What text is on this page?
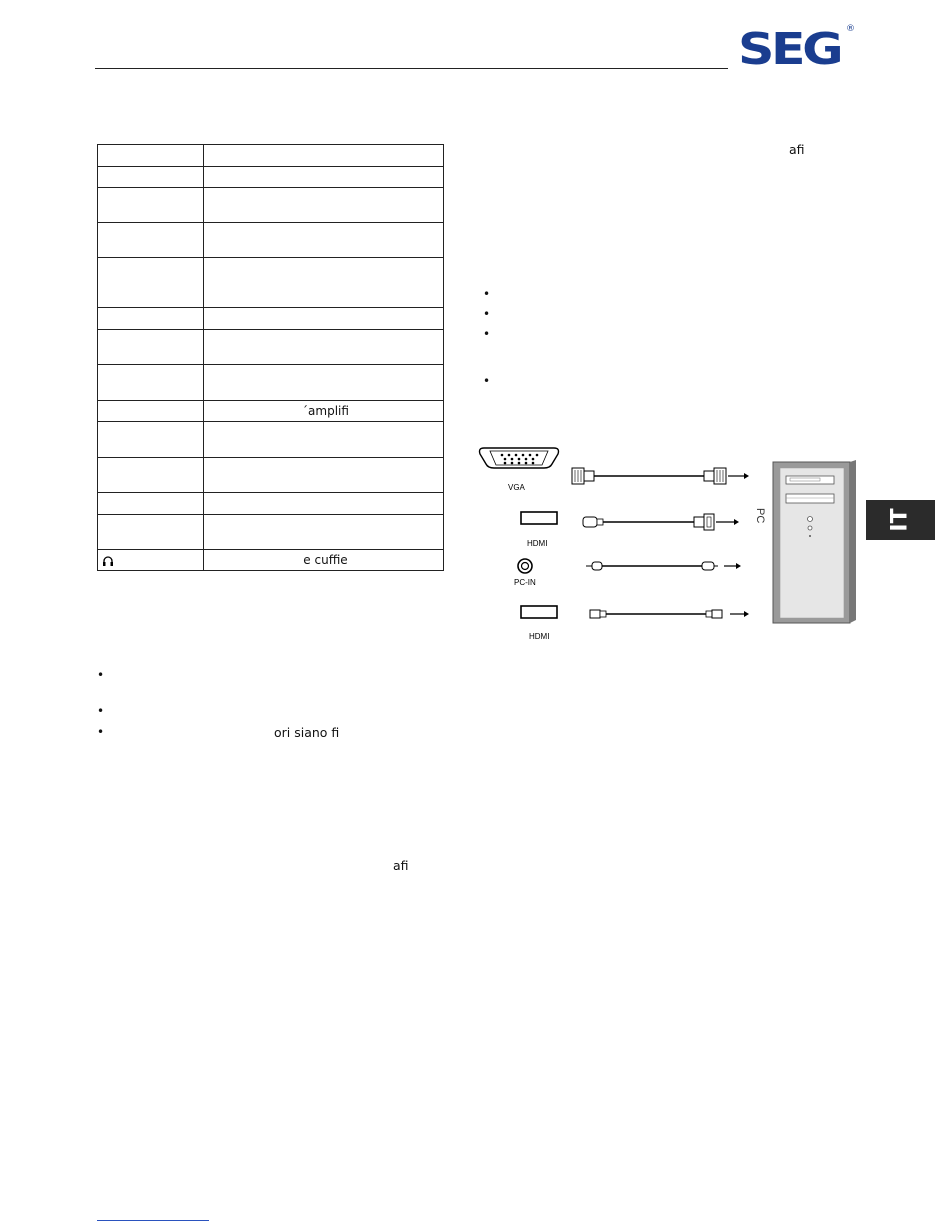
SEG ®

	´amplifi

	e cuffie
•
•
•	ori siano fi
afi
afi
•
•
•
•
VGA
HDMI
PC-IN
HDMI
PC	IT
